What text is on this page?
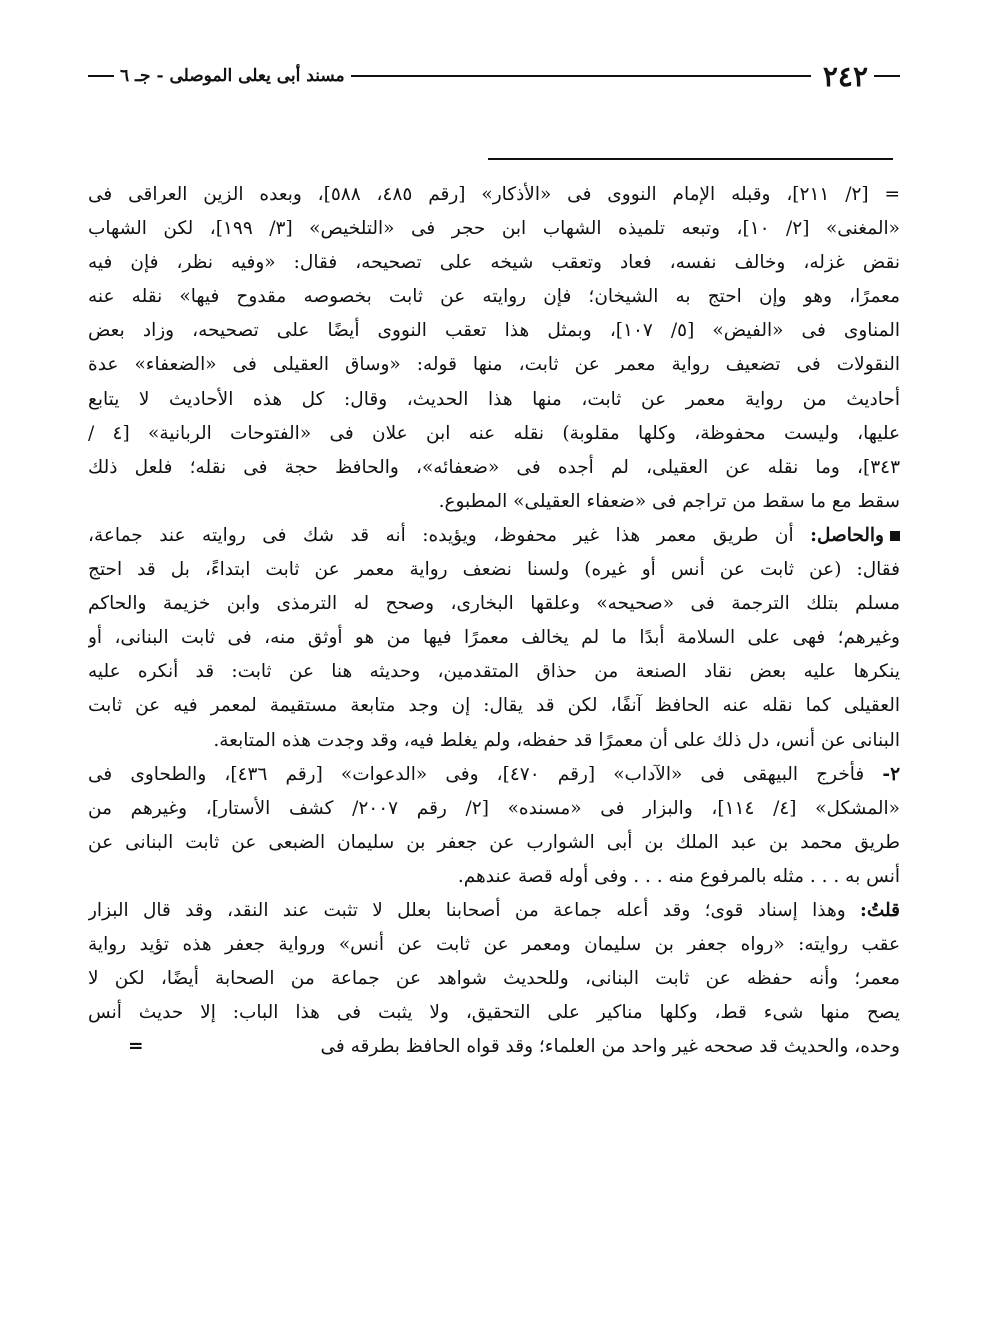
٢٤٢
مسند أبى يعلى الموصلى - جـ ٦
= [٢/ ٢١١]، وقبله الإمام النووى فى «الأذكار» [رقم ٤٨٥، ٥٨٨]، وبعده الزين العراقى فى
«المغنى» [٢/ ١٠]، وتبعه تلميذه الشهاب ابن حجر فى «التلخيص» [٣/ ١٩٩]، لكن الشهاب
نقض غزله، وخالف نفسه، فعاد وتعقب شيخه على تصحيحه، فقال: «وفيه نظر، فإن فيه
معمرًا، وهو وإن احتج به الشيخان؛ فإن روايته عن ثابت بخصوصه مقدوح فيها» نقله عنه
المناوى فى «الفيض» [٥/ ١٠٧]، وبمثل هذا تعقب النووى أيضًا على تصحيحه، وزاد بعض
النقولات فى تضعيف رواية معمر عن ثابت، منها قوله: «وساق العقيلى فى «الضعفاء» عدة
أحاديث من رواية معمر عن ثابت، منها هذا الحديث، وقال: كل هذه الأحاديث لا يتابع
عليها، وليست محفوظة، وكلها مقلوبة) نقله عنه ابن علان فى «الفتوحات الربانية» [٤ /
٣٤٣]، وما نقله عن العقيلى، لم أجده فى «ضعفائه»، والحافظ حجة فى نقله؛ فلعل ذلك
سقط مع ما سقط من تراجم فى «ضعفاء العقيلى» المطبوع.
والحاصل: أن طريق معمر هذا غير محفوظ، ويؤيده: أنه قد شك فى روايته عند جماعة،
فقال: (عن ثابت عن أنس أو غيره) ولسنا نضعف رواية معمر عن ثابت ابتداءً، بل قد احتج
مسلم بتلك الترجمة فى «صحيحه» وعلقها البخارى، وصحح له الترمذى وابن خزيمة والحاكم
وغيرهم؛ فهى على السلامة أبدًا ما لم يخالف معمرًا فيها من هو أوثق منه، فى ثابت البنانى، أو
ينكرها عليه بعض نقاد الصنعة من حذاق المتقدمين، وحديثه هنا عن ثابت: قد أنكره عليه
العقيلى كما نقله عنه الحافظ آنفًا، لكن قد يقال: إن وجد متابعة مستقيمة لمعمر فيه عن ثابت
البنانى عن أنس، دل ذلك على أن معمرًا قد حفظه، ولم يغلط فيه، وقد وجدت هذه المتابعة.
٢- فأخرج البيهقى فى «الآداب» [رقم ٤٧٠]، وفى «الدعوات» [رقم ٤٣٦]، والطحاوى فى
«المشكل» [٤/ ١١٤]، والبزار فى «مسنده» [٢/ رقم ٢٠٠٧/ كشف الأستار]، وغيرهم من
طريق محمد بن عبد الملك بن أبى الشوارب عن جعفر بن سليمان الضبعى عن ثابت البنانى عن
أنس به . . . مثله بالمرفوع منه . . . وفى أوله قصة عندهم.
قلتُ: وهذا إسناد قوى؛ وقد أعله جماعة من أصحابنا بعلل لا تثبت عند النقد، وقد قال البزار
عقب روايته: «رواه جعفر بن سليمان ومعمر عن ثابت عن أنس» ورواية جعفر هذه تؤيد رواية
معمر؛ وأنه حفظه عن ثابت البنانى، وللحديث شواهد عن جماعة من الصحابة أيضًا، لكن لا
يصح منها شىء قط، وكلها مناكير على التحقيق، ولا يثبت فى هذا الباب: إلا حديث أنس
وحده، والحديث قد صححه غير واحد من العلماء؛ وقد قواه الحافظ بطرقه فى
=
